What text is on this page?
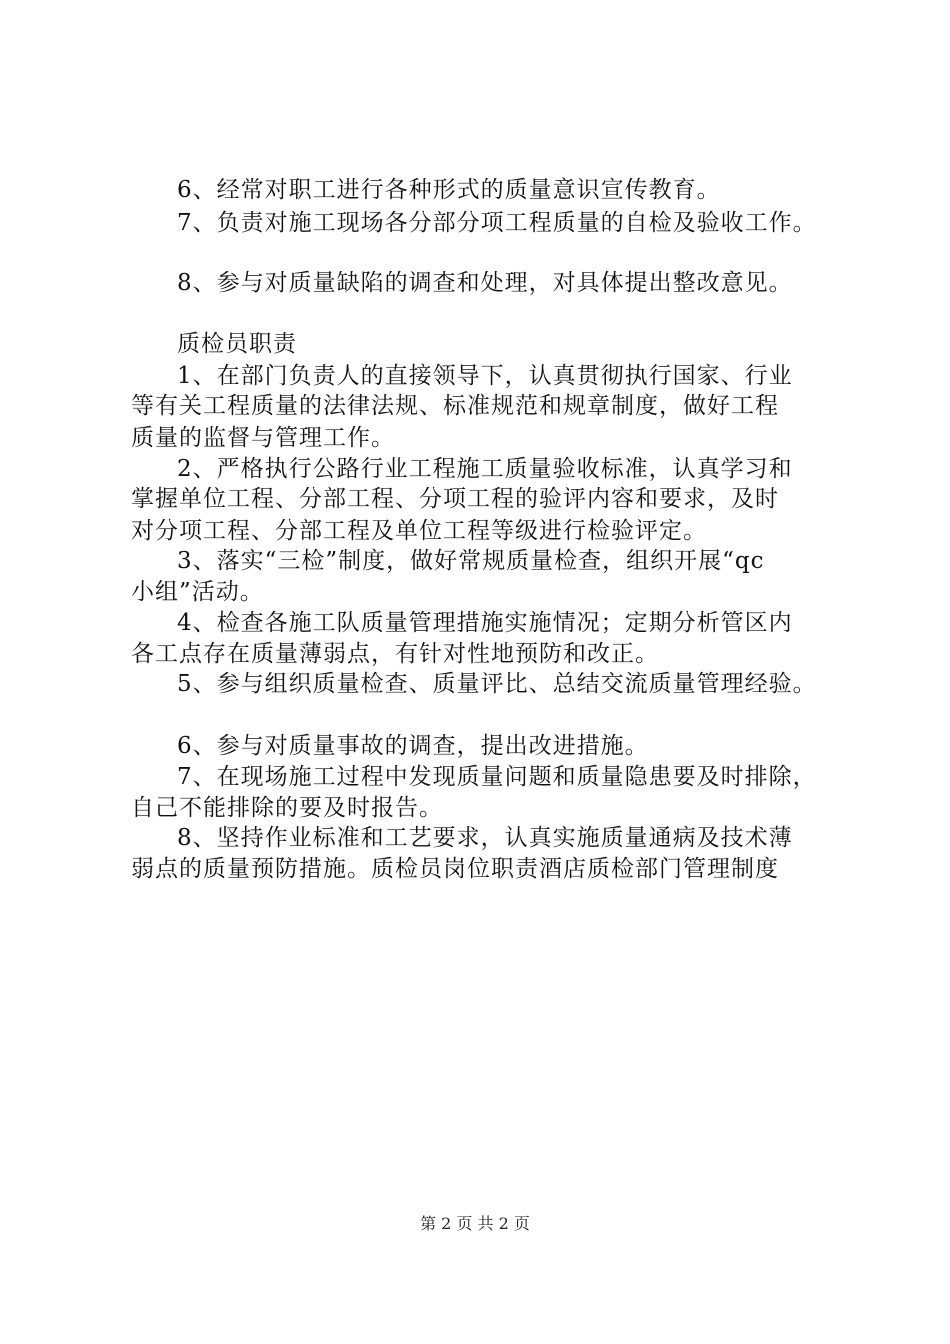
6、经常对职工进行各种形式的质量意识宣传教育。
7、负责对施工现场各分部分项工程质量的自检及验收工作。
8、参与对质量缺陷的调查和处理，对具体提出整改意见。
质检员职责
1、在部门负责人的直接领导下，认真贯彻执行国家、行业
等有关工程质量的法律法规、标准规范和规章制度，做好工程
质量的监督与管理工作。
2、严格执行公路行业工程施工质量验收标准，认真学习和
掌握单位工程、分部工程、分项工程的验评内容和要求，及时
对分项工程、分部工程及单位工程等级进行检验评定。
3、落实“三检”制度，做好常规质量检查，组织开展“qc
小组”活动。
4、检查各施工队质量管理措施实施情况；定期分析管区内
各工点存在质量薄弱点，有针对性地预防和改正。
5、参与组织质量检查、质量评比、总结交流质量管理经验。
6、参与对质量事故的调查，提出改进措施。
7、在现场施工过程中发现质量问题和质量隐患要及时排除，
自己不能排除的要及时报告。
8、坚持作业标准和工艺要求，认真实施质量通病及技术薄
弱点的质量预防措施。质检员岗位职责酒店质检部门管理制度
第 2 页 共 2 页
